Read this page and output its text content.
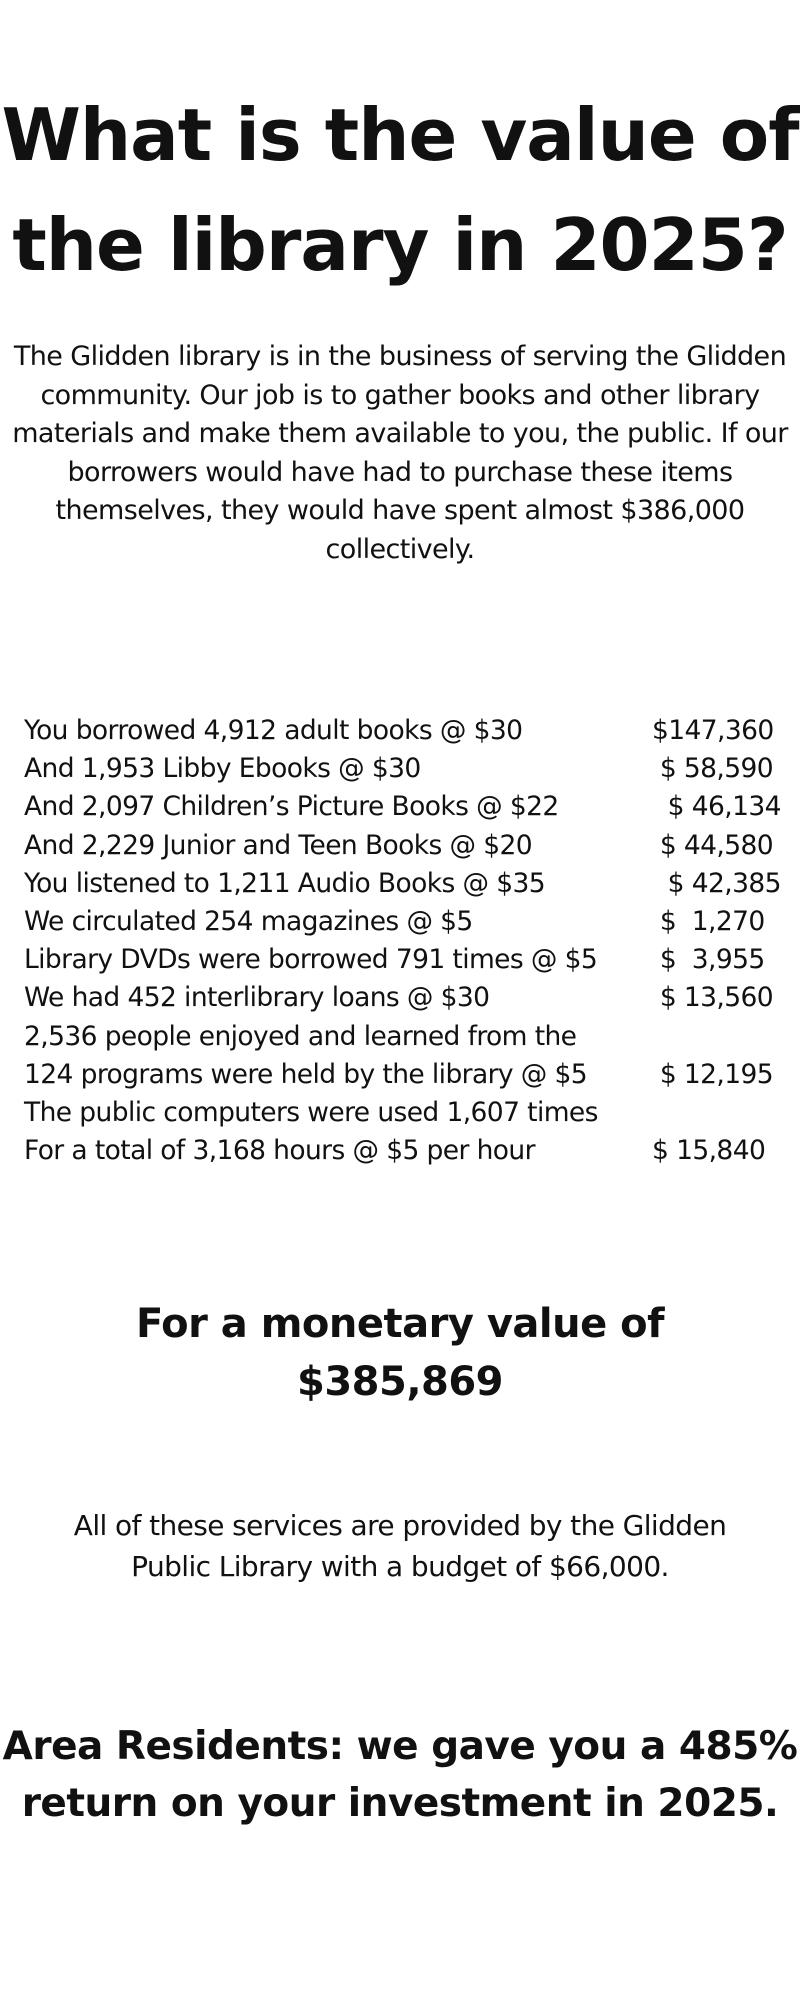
What is the value of
the library in 2025?

The Glidden library is in the business of serving the Glidden
community. Our job is to gather books and other library
materials and make them available to you, the public. If our
borrowers would have had to purchase these items
themselves, they would have spent almost $386,000
collectively.

You borrowed 4,912 adult books @ $30	$147,360
And 1,953 Libby Ebooks @ $30	$ 58,590
And 2,097 Children’s Picture Books @ $22	$ 46,134
And 2,229 Junior and Teen Books @ $20	$ 44,580
You listened to 1,211 Audio Books @ $35	$ 42,385
We circulated 254 magazines @ $5	$  1,270
Library DVDs were borrowed 791 times @ $5 $  3,955
We had 452 interlibrary loans @ $30	$ 13,560
2,536 people enjoyed and learned from the
124 programs were held by the library @ $5 $ 12,195
The public computers were used 1,607 times
For a total of 3,168 hours @ $5 per hour	$ 15,840

For a monetary value of
$385,869

All of these services are provided by the Glidden
Public Library with a budget of $66,000.

Area Residents: we gave you a 485%
return on your investment in 2025.
